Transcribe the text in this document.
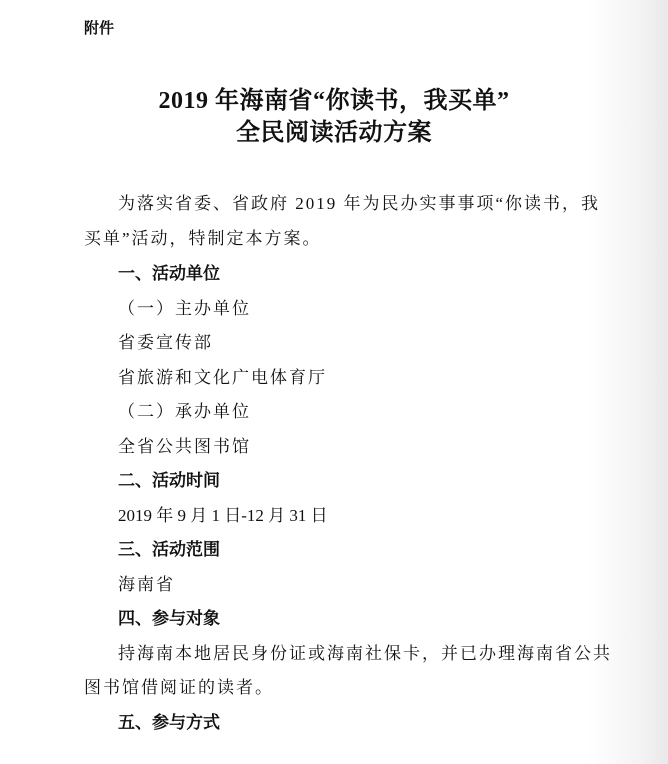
附件
2019 年海南省“你读书，我买单”
全民阅读活动方案
为落实省委、省政府 2019 年为民办实事事项“你读书，我
买单”活动，特制定本方案。
一、活动单位
（一）主办单位
省委宣传部
省旅游和文化广电体育厅
（二）承办单位
全省公共图书馆
二、活动时间
2019 年 9 月 1 日-12 月 31 日
三、活动范围
海南省
四、参与对象
持海南本地居民身份证或海南社保卡，并已办理海南省公共
图书馆借阅证的读者。
五、参与方式
